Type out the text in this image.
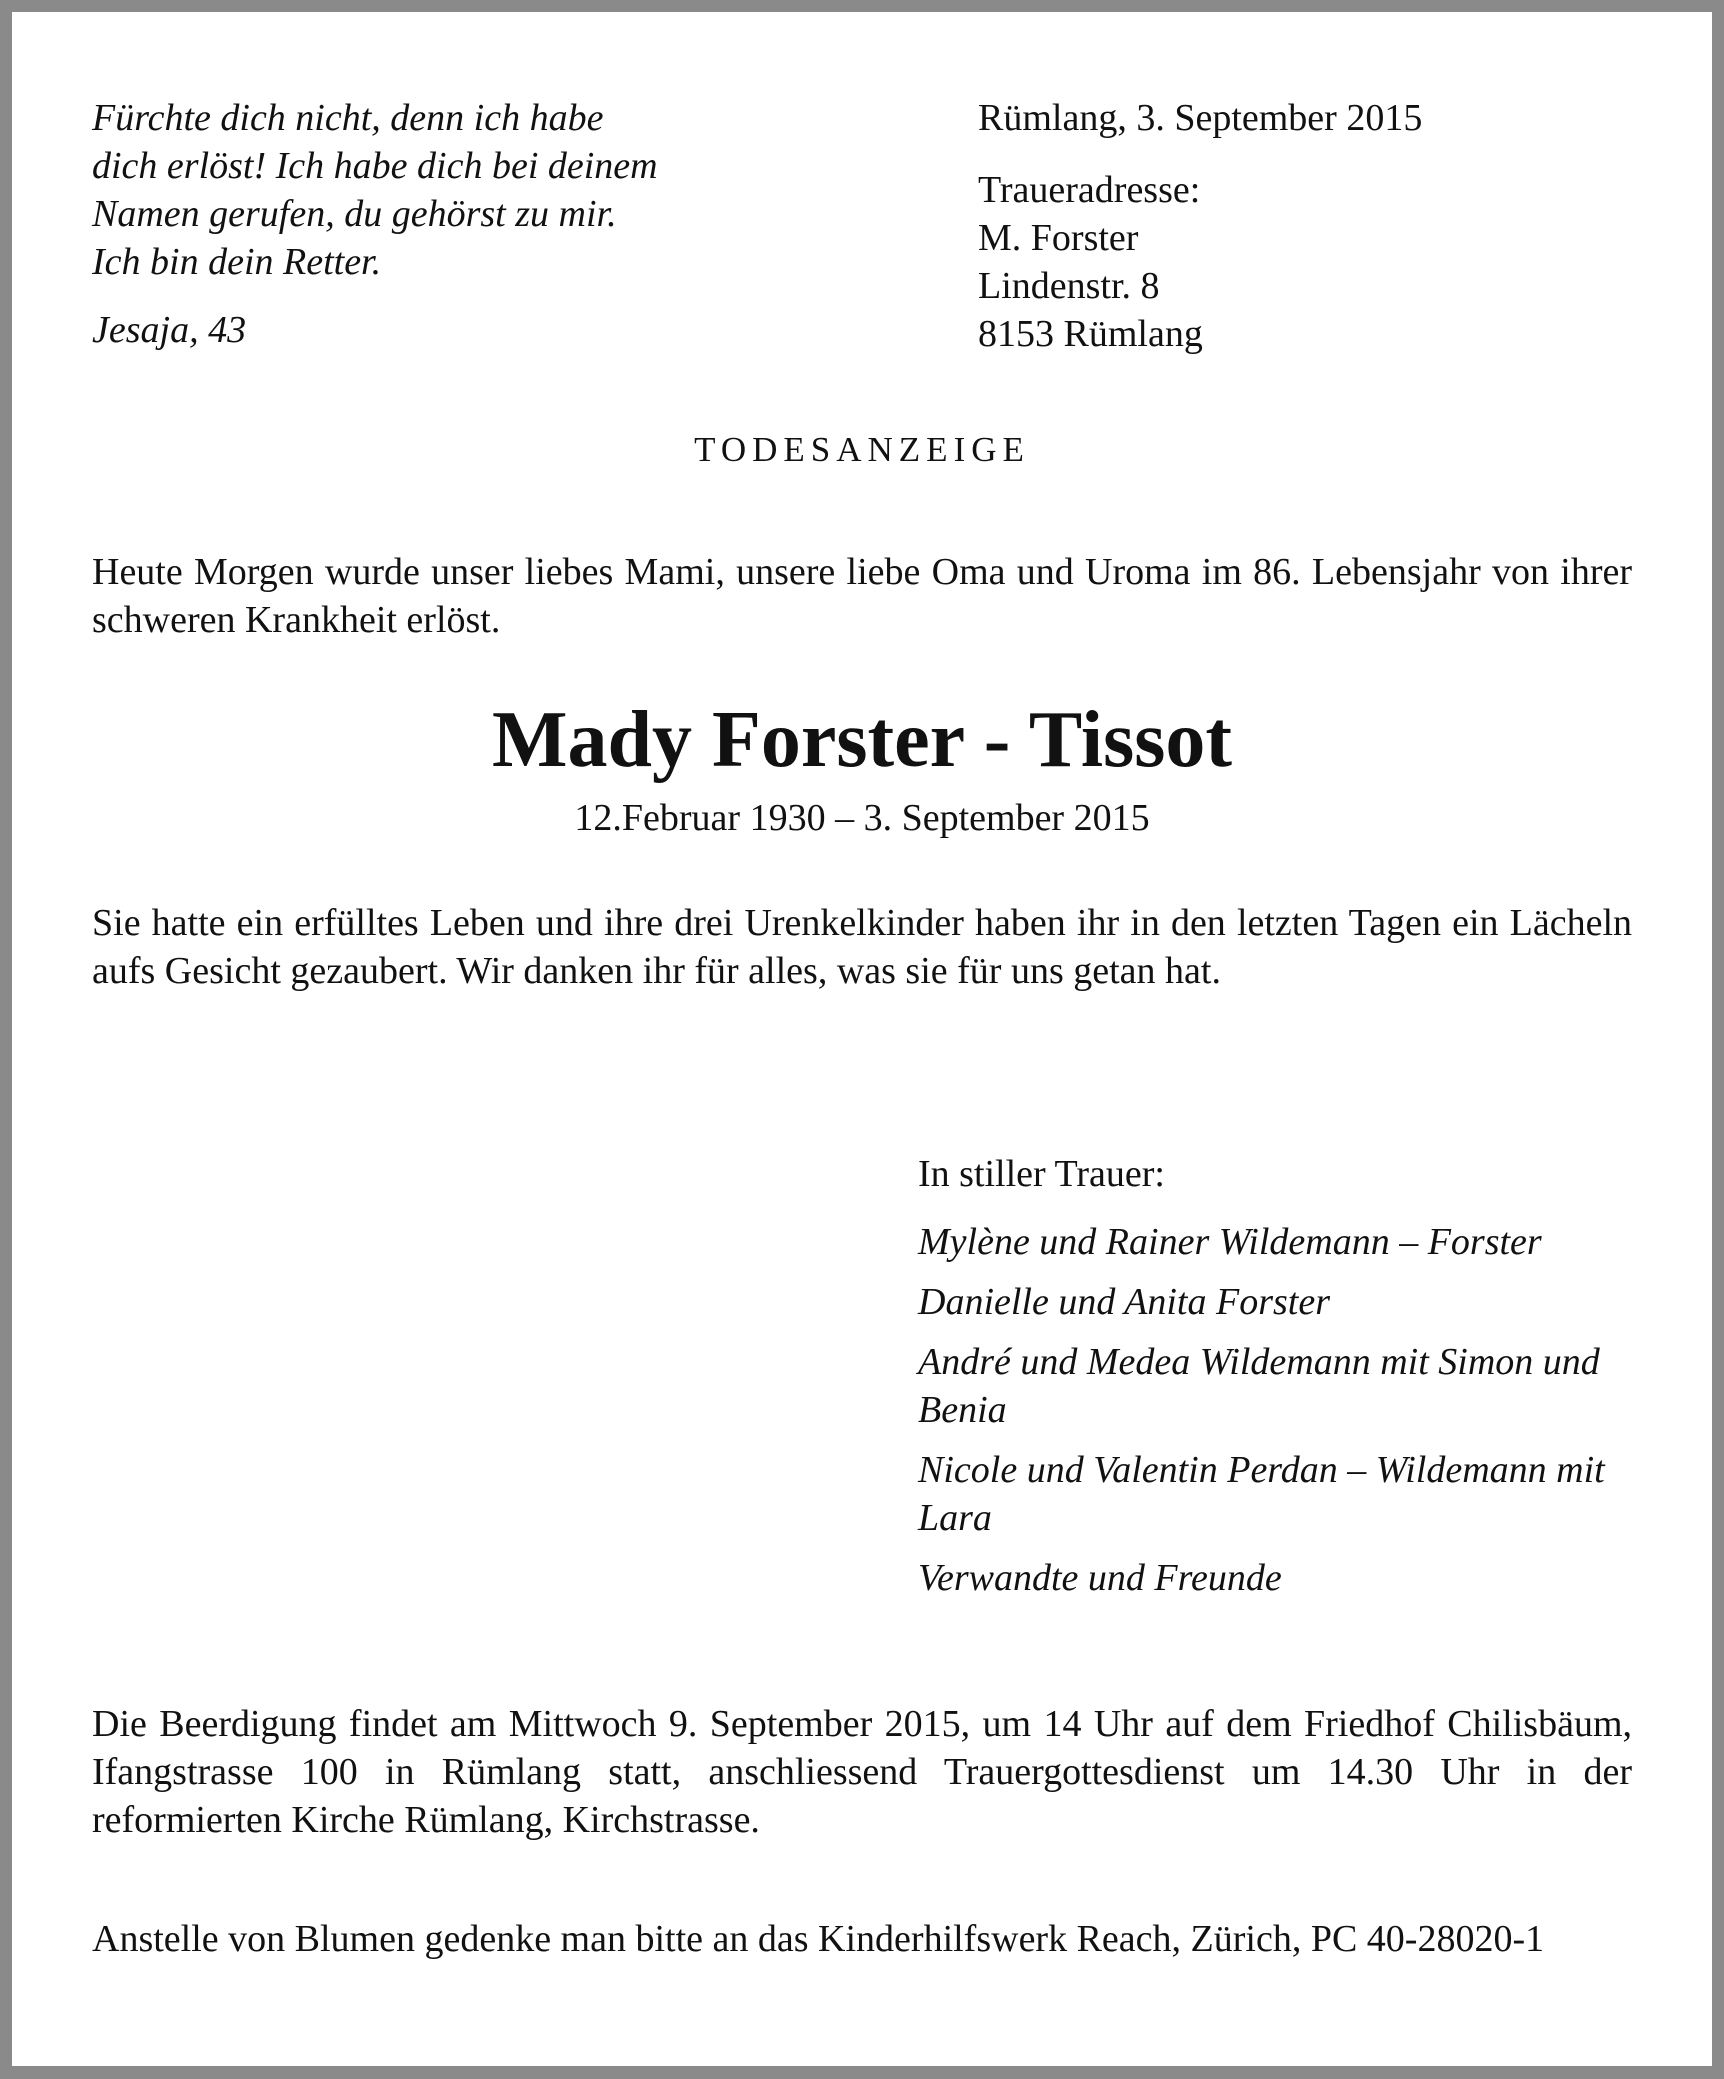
Fürchte dich nicht, denn ich habe

dich erlöst! Ich habe dich bei deinem

Namen gerufen, du gehörst zu mir.

Ich bin dein Retter.

Jesaja, 43

Rümlang, 3. September 2015

Traueradresse:

M. Forster

Lindenstr. 8

8153 Rümlang

TODESANZEIGE
Heute Morgen wurde unser liebes Mami, unsere liebe Oma und Uroma im 86. Lebensjahr von ihrer schweren Krankheit erlöst.
Mady Forster - Tissot
12.Februar 1930 – 3. September 2015
Sie hatte ein erfülltes Leben und ihre drei Urenkelkinder haben ihr in den letzten Tagen ein Lächeln aufs Gesicht gezaubert. Wir danken ihr für alles, was sie für uns getan hat.

In stiller Trauer:

Mylène und Rainer Wildemann – Forster
Danielle und Anita Forster
André und Medea Wildemann mit Simon und Benia
Nicole und Valentin Perdan – Wildemann mit Lara
Verwandte und Freunde
Die Beerdigung findet am Mittwoch 9. September 2015, um 14 Uhr auf dem Friedhof Chilisbäum, Ifangstrasse 100 in Rümlang statt, anschliessend Trauergottesdienst um 14.30 Uhr in der reformierten Kirche Rümlang, Kirchstrasse.
Anstelle von Blumen gedenke man bitte an das Kinderhilfswerk Reach, Zürich, PC 40-28020-1
